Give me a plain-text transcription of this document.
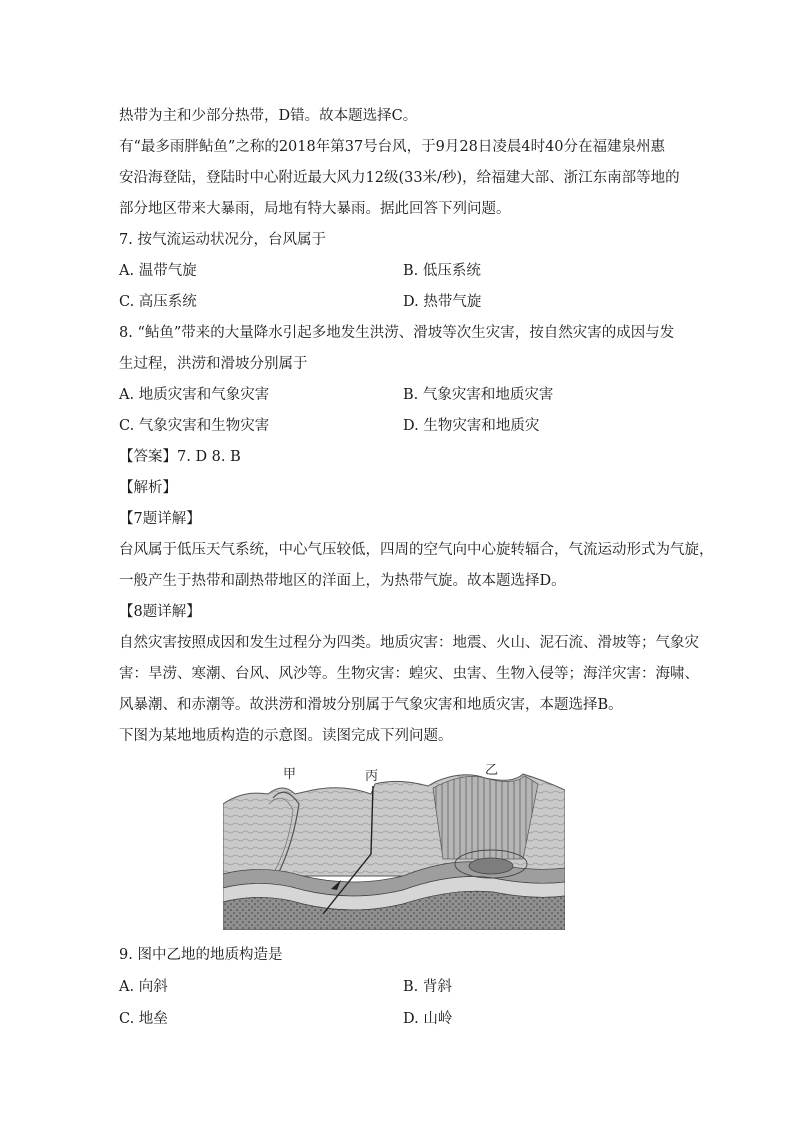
热带为主和少部分热带，D错。故本题选择C。
有“最多雨胖鲇鱼”之称的2018年第37号台风，于9月28日凌晨4时40分在福建泉州惠
安沿海登陆，登陆时中心附近最大风力12级(33米/秒)，给福建大部、浙江东南部等地的
部分地区带来大暴雨，局地有特大暴雨。据此回答下列问题。
7. 按气流运动状况分，台风属于
A. 温带气旋	B. 低压系统
C. 高压系统	D. 热带气旋
8. “鲇鱼”带来的大量降水引起多地发生洪涝、滑坡等次生灾害，按自然灾害的成因与发
生过程，洪涝和滑坡分别属于
A. 地质灾害和气象灾害	B. 气象灾害和地质灾害
C. 气象灾害和生物灾害	D. 生物灾害和地质灾
【答案】7. D 8. B
【解析】
【7题详解】
台风属于低压天气系统，中心气压较低，四周的空气向中心旋转辐合，气流运动形式为气旋，
一般产生于热带和副热带地区的洋面上，为热带气旋。故本题选择D。
【8题详解】
自然灾害按照成因和发生过程分为四类。地质灾害：地震、火山、泥石流、滑坡等；气象灾
害：旱涝、寒潮、台风、风沙等。生物灾害：蝗灾、虫害、生物入侵等；海洋灾害：海啸、
风暴潮、和赤潮等。故洪涝和滑坡分别属于气象灾害和地质灾害，本题选择B。
下图为某地地质构造的示意图。读图完成下列问题。
甲	丙	乙
9. 图中乙地的地质构造是
A. 向斜	B. 背斜
C. 地垒	D. 山岭
